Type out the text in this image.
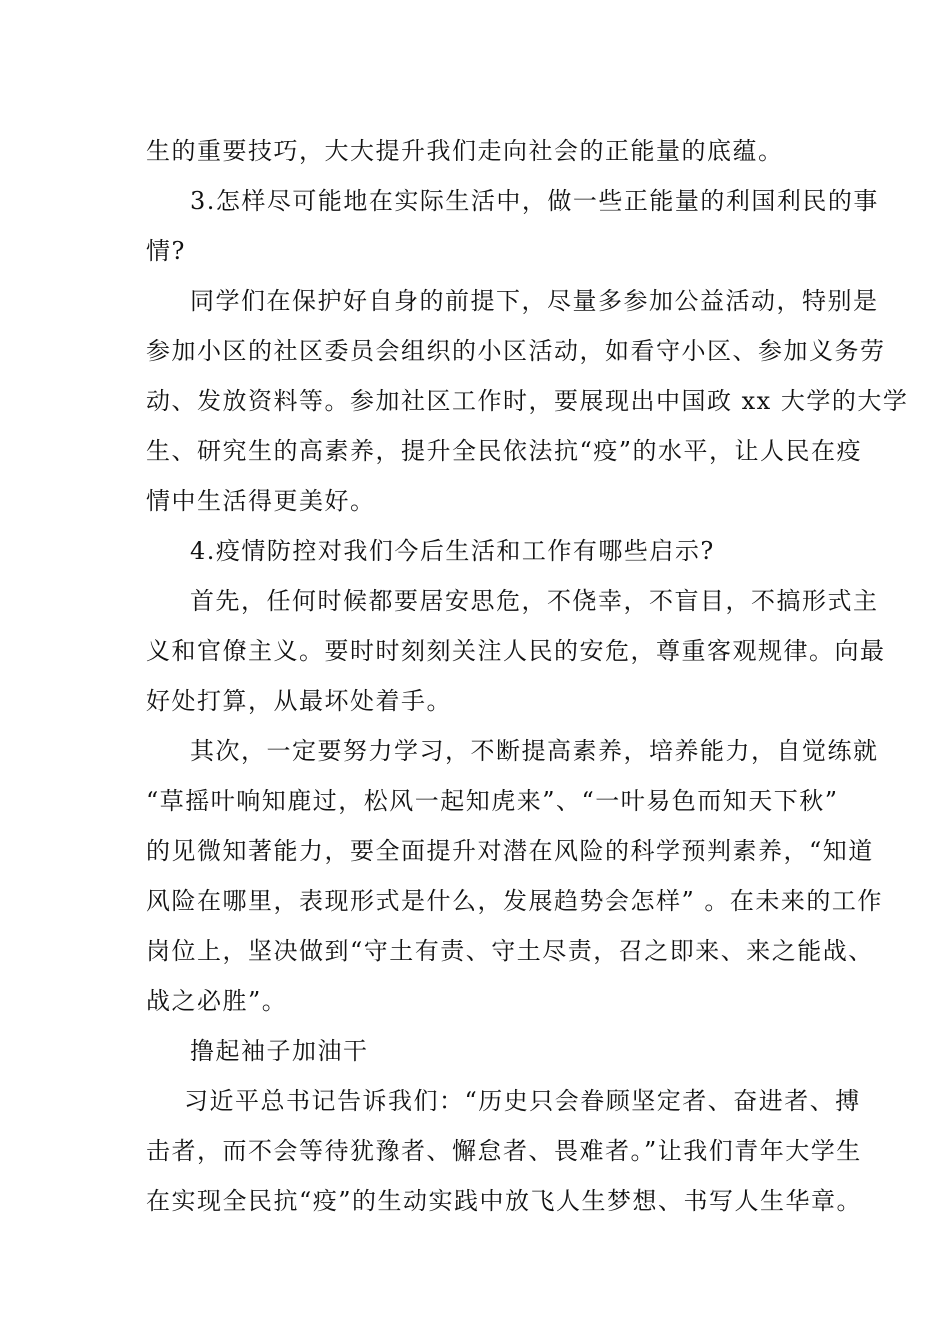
生的重要技巧，大大提升我们走向社会的正能量的底蕴。
3.怎样尽可能地在实际生活中，做一些正能量的利国利民的事
情?
同学们在保护好自身的前提下，尽量多参加公益活动，特别是
参加小区的社区委员会组织的小区活动，如看守小区、参加义务劳
动、发放资料等。参加社区工作时，要展现出中国政 xx 大学的大学
生、研究生的高素养，提升全民依法抗“疫”的水平，让人民在疫
情中生活得更美好。
4.疫情防控对我们今后生活和工作有哪些启示?
首先，任何时候都要居安思危，不侥幸，不盲目，不搞形式主
义和官僚主义。要时时刻刻关注人民的安危，尊重客观规律。向最
好处打算，从最坏处着手。
其次，一定要努力学习，不断提高素养，培养能力，自觉练就
“草摇叶响知鹿过，松风一起知虎来”、“一叶易色而知天下秋”
的见微知著能力，要全面提升对潜在风险的科学预判素养，“知道
风险在哪里，表现形式是什么，发展趋势会怎样” 。在未来的工作
岗位上，坚决做到“守土有责、守土尽责，召之即来、来之能战、
战之必胜”。
撸起袖子加油干
习近平总书记告诉我们：“历史只会眷顾坚定者、奋进者、搏
击者，而不会等待犹豫者、懈怠者、畏难者。”让我们青年大学生
在实现全民抗“疫”的生动实践中放飞人生梦想、书写人生华章。
